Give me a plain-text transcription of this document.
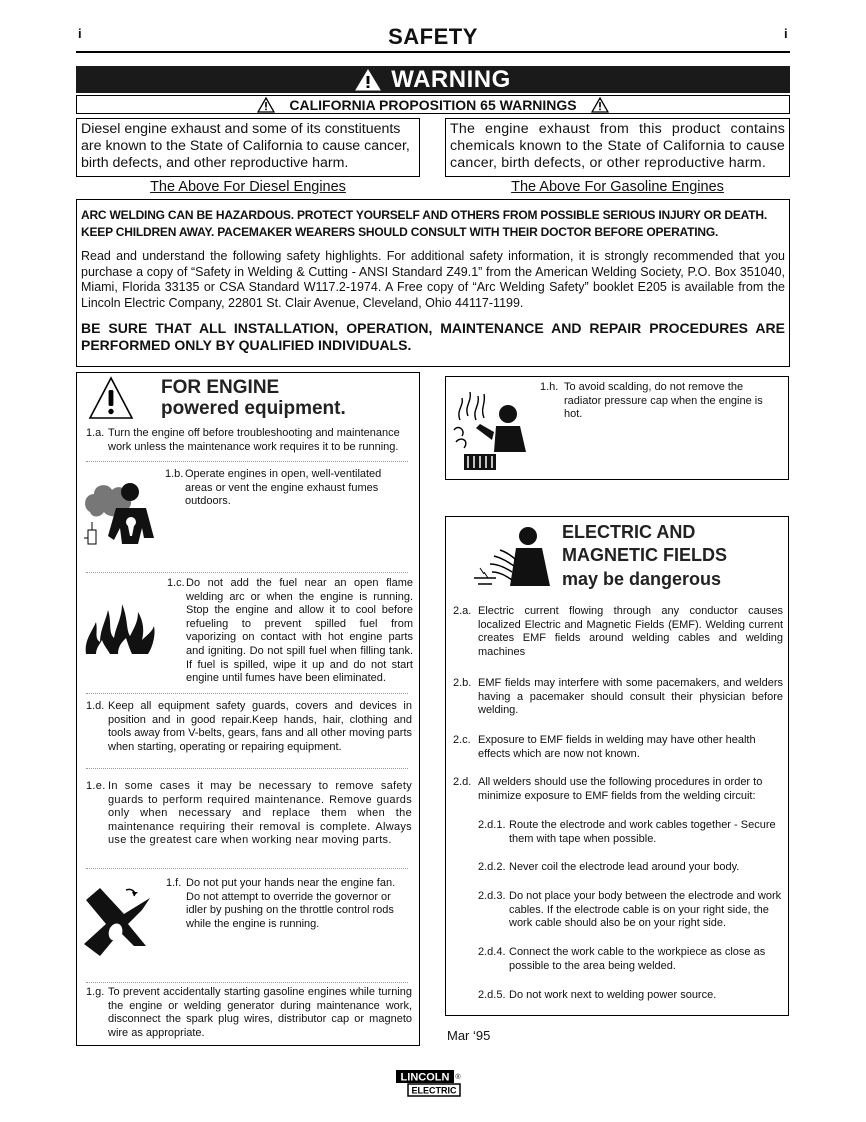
i	SAFETY	i
WARNING
CALIFORNIA PROPOSITION 65 WARNINGS
Diesel engine exhaust and some of its constituents are known to the State of California to cause cancer, birth defects, and other reproductive harm.
The engine exhaust from this product contains chemicals known to the State of California to cause cancer, birth defects, or other reproductive harm.
The Above For Diesel Engines	The Above For Gasoline Engines
ARC WELDING CAN BE HAZARDOUS. PROTECT YOURSELF AND OTHERS FROM POSSIBLE SERIOUS INJURY OR DEATH. KEEP CHILDREN AWAY. PACEMAKER WEARERS SHOULD CONSULT WITH THEIR DOCTOR BEFORE OPERATING.
Read and understand the following safety highlights. For additional safety information, it is strongly recommended that you purchase a copy of “Safety in Welding & Cutting - ANSI Standard Z49.1” from the American Welding Society, P.O. Box 351040, Miami, Florida 33135 or CSA Standard W117.2-1974. A Free copy of “Arc Welding Safety” booklet E205 is available from the Lincoln Electric Company, 22801 St. Clair Avenue, Cleveland, Ohio 44117-1199.
BE SURE THAT ALL INSTALLATION, OPERATION, MAINTENANCE AND REPAIR PROCEDURES ARE PERFORMED ONLY BY QUALIFIED INDIVIDUALS.
FOR ENGINE
powered equipment.
1.a. Turn the engine off before troubleshooting and maintenance work unless the maintenance work requires it to be running.
1.b. Operate engines in open, well-ventilated areas or vent the engine exhaust fumes outdoors.
1.c. Do not add the fuel near an open flame welding arc or when the engine is running. Stop the engine and allow it to cool before refueling to prevent spilled fuel from vaporizing on contact with hot engine parts and igniting. Do not spill fuel when filling tank. If fuel is spilled, wipe it up and do not start engine until fumes have been eliminated.
1.d. Keep all equipment safety guards, covers and devices in position and in good repair.Keep hands, hair, clothing and tools away from V-belts, gears, fans and all other moving parts when starting, operating or repairing equipment.
1.e. In some cases it may be necessary to remove safety guards to perform required maintenance. Remove guards only when necessary and replace them when the maintenance requiring their removal is complete. Always use the greatest care when working near moving parts.
1.f. Do not put your hands near the engine fan. Do not attempt to override the governor or idler by pushing on the throttle control rods while the engine is running.
1.g. To prevent accidentally starting gasoline engines while turning the engine or welding generator during maintenance work, disconnect the spark plug wires, distributor cap or magneto wire as appropriate.
1.h. To avoid scalding, do not remove the radiator pressure cap when the engine is hot.
ELECTRIC AND
MAGNETIC FIELDS
may be dangerous
2.a. Electric current flowing through any conductor causes localized Electric and Magnetic Fields (EMF). Welding current creates EMF fields around welding cables and welding machines
2.b. EMF fields may interfere with some pacemakers, and welders having a pacemaker should consult their physician before welding.
2.c. Exposure to EMF fields in welding may have other health effects which are now not known.
2.d. All welders should use the following procedures in order to minimize exposure to EMF fields from the welding circuit:
2.d.1. Route the electrode and work cables together - Secure them with tape when possible.
2.d.2. Never coil the electrode lead around your body.
2.d.3. Do not place your body between the electrode and work cables. If the electrode cable is on your right side, the work cable should also be on your right side.
2.d.4. Connect the work cable to the workpiece as close as possible to the area being welded.
2.d.5. Do not work next to welding power source.
Mar ‘95
LINCOLN ®
ELECTRIC
